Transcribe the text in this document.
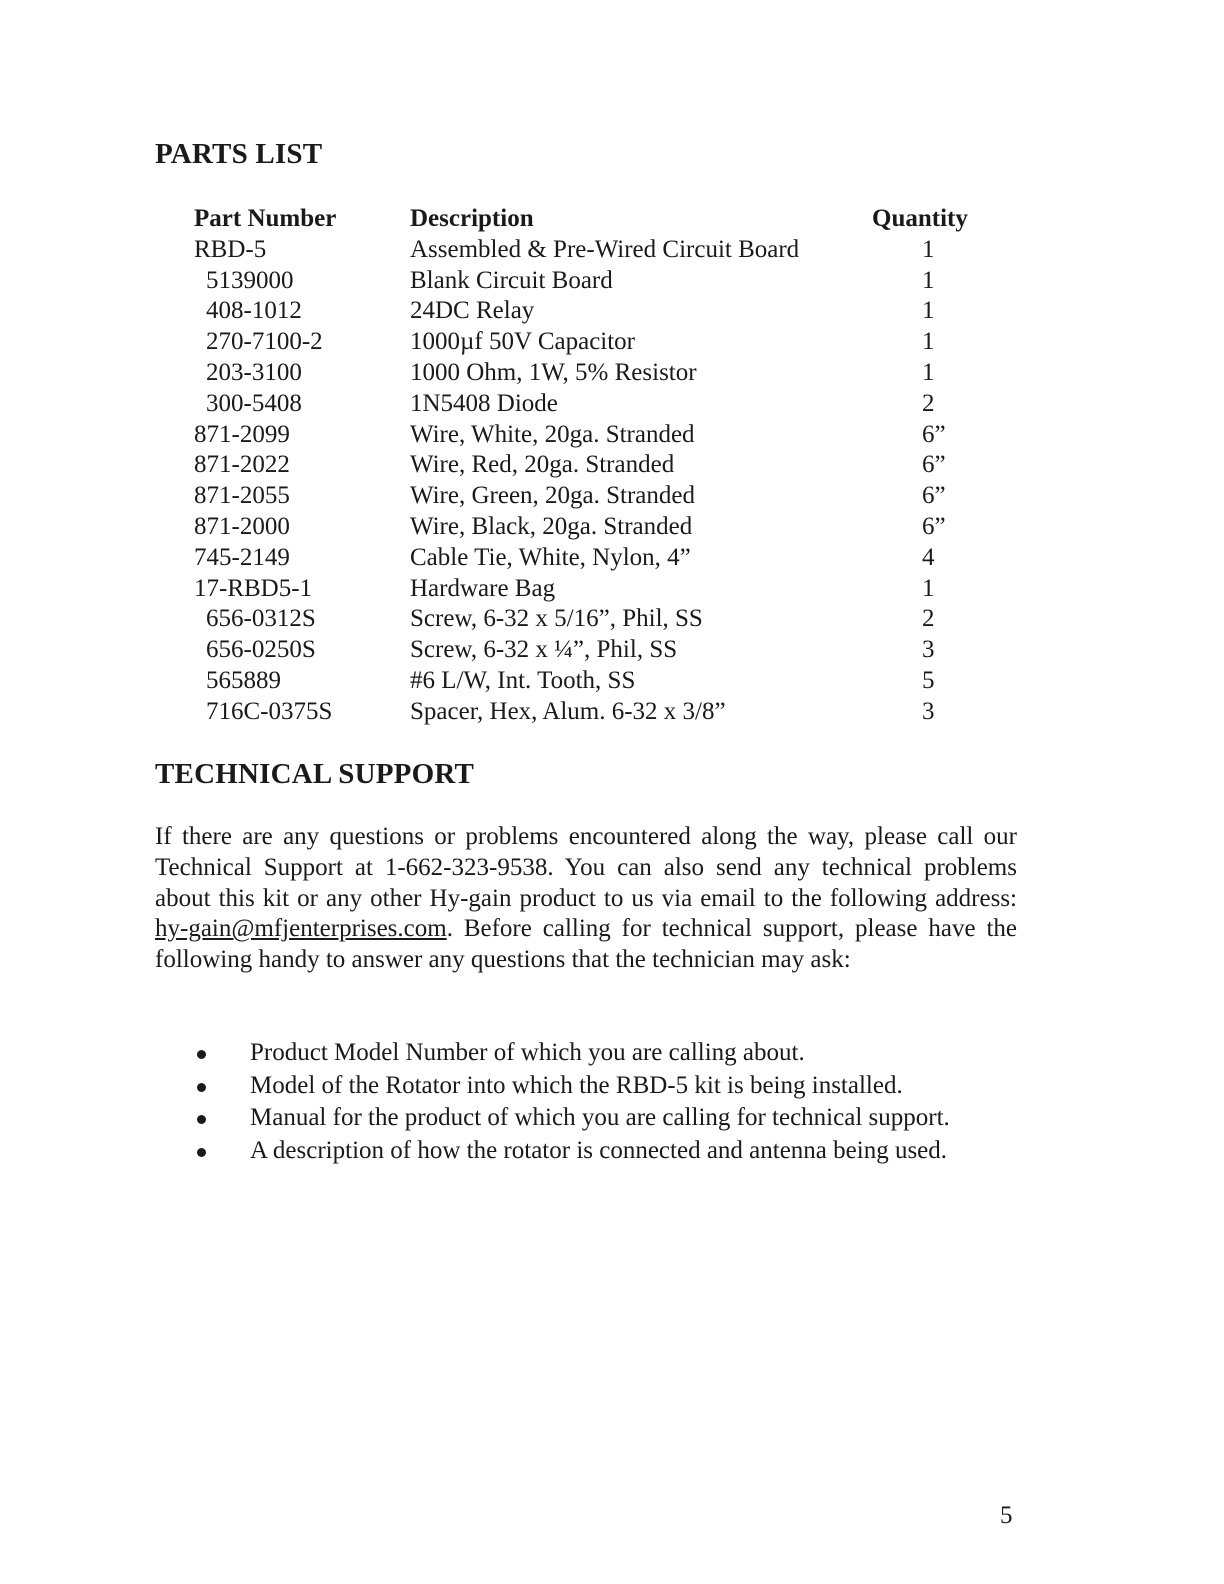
PARTS LIST
Part Number	Description	Quantity
RBD-5	Assembled & Pre-Wired Circuit Board	1
5139000	Blank Circuit Board	1
408-1012	24DC Relay	1
270-7100-2	1000µf 50V Capacitor	1
203-3100	1000 Ohm, 1W, 5% Resistor	1
300-5408	1N5408 Diode	2
871-2099	Wire, White, 20ga. Stranded	6”
871-2022	Wire, Red, 20ga. Stranded	6”
871-2055	Wire, Green, 20ga. Stranded	6”
871-2000	Wire, Black, 20ga. Stranded	6”
745-2149	Cable Tie, White, Nylon, 4”	4
17-RBD5-1	Hardware Bag	1
656-0312S	Screw, 6-32 x 5/16”, Phil, SS	2
656-0250S	Screw, 6-32 x ¼”, Phil, SS	3
565889	#6 L/W, Int. Tooth, SS	5
716C-0375S	Spacer, Hex, Alum. 6-32 x 3/8”	3
TECHNICAL SUPPORT

If there are any questions or problems encountered along the way, please call our Technical Support at 1-662-323-9538. You can also send any technical problems about this kit or any other Hy-gain product to us via email to the following address: hy-gain@mfjenterprises.com. Before calling for technical support, please have the following handy to answer any questions that the technician may ask:

Product Model Number of which you are calling about.
Model of the Rotator into which the RBD-5 kit is being installed.
Manual for the product of which you are calling for technical support.
A description of how the rotator is connected and antenna being used.
5
